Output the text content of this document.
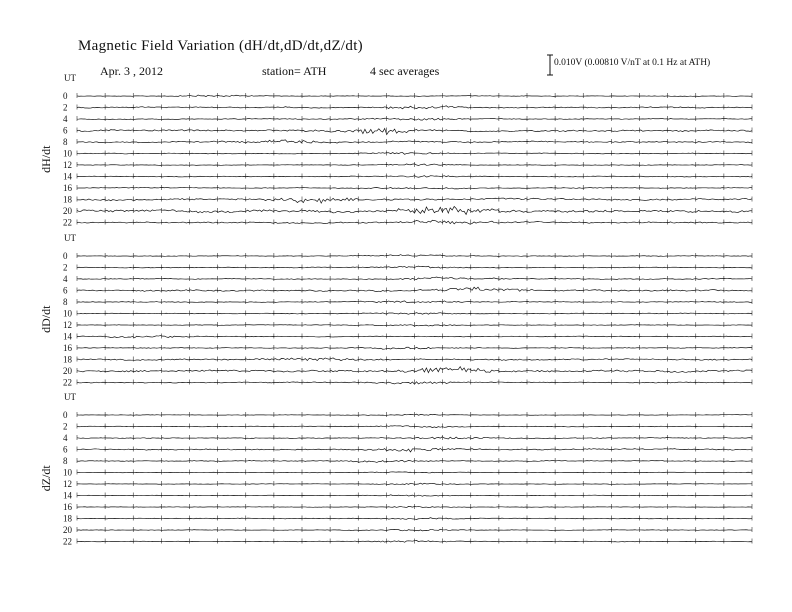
Magnetic Field Variation (dH/dt,dD/dt,dZ/dt)
Apr. 3 , 2012	station= ATH	4 sec averages
0.010V (0.00810 V/nT at 0.1 Hz at ATH)
UT
dH/dt
0
2
4
6
8
10
12
14
16
18
20
22
UT
dD/dt
0
2
4
6
8
10
12
14
16
18
20
22
UT
dZ/dt
0
2
4
6
8
10
12
14
16
18
20
22
